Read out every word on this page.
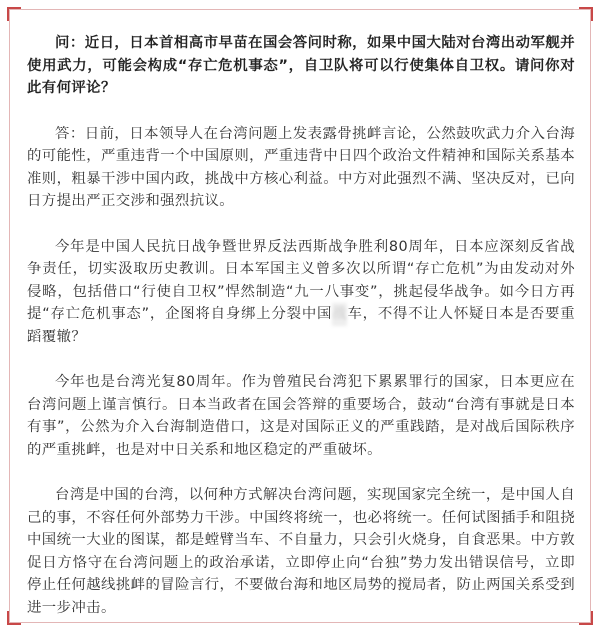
问：近日，日本首相高市早苗在国会答问时称，如果中国大陆对台湾出动军舰并使用武力，可能会构成“存亡危机事态”，自卫队将可以行使集体自卫权。请问你对此有何评论？

答：日前，日本领导人在台湾问题上发表露骨挑衅言论，公然鼓吹武力介入台海的可能性，严重违背一个中国原则，严重违背中日四个政治文件精神和国际关系基本准则，粗暴干涉中国内政，挑战中方核心利益。中方对此强烈不满、坚决反对，已向日方提出严正交涉和强烈抗议。

今年是中国人民抗日战争暨世界反法西斯战争胜利80周年，日本应深刻反省战争责任，切实汲取历史教训。日本军国主义曾多次以所谓“存亡危机”为由发动对外侵略，包括借口“行使自卫权”悍然制造“九一八事变”，挑起侵华战争。如今日方再提“存亡危机事态”，企图将自身绑上分裂中国战车，不得不让人怀疑日本是否要重蹈覆辙？

今年也是台湾光复80周年。作为曾殖民台湾犯下累累罪行的国家，日本更应在台湾问题上谨言慎行。日本当政者在国会答辩的重要场合，鼓动“台湾有事就是日本有事”，公然为介入台海制造借口，这是对国际正义的严重践踏，是对战后国际秩序的严重挑衅，也是对中日关系和地区稳定的严重破坏。

台湾是中国的台湾，以何种方式解决台湾问题，实现国家完全统一，是中国人自己的事，不容任何外部势力干涉。中国终将统一，也必将统一。任何试图插手和阻挠中国统一大业的图谋，都是螳臂当车、不自量力，只会引火烧身，自食恶果。中方敦促日方恪守在台湾问题上的政治承诺，立即停止向“台独”势力发出错误信号，立即停止任何越线挑衅的冒险言行，不要做台海和地区局势的搅局者，防止两国关系受到进一步冲击。
